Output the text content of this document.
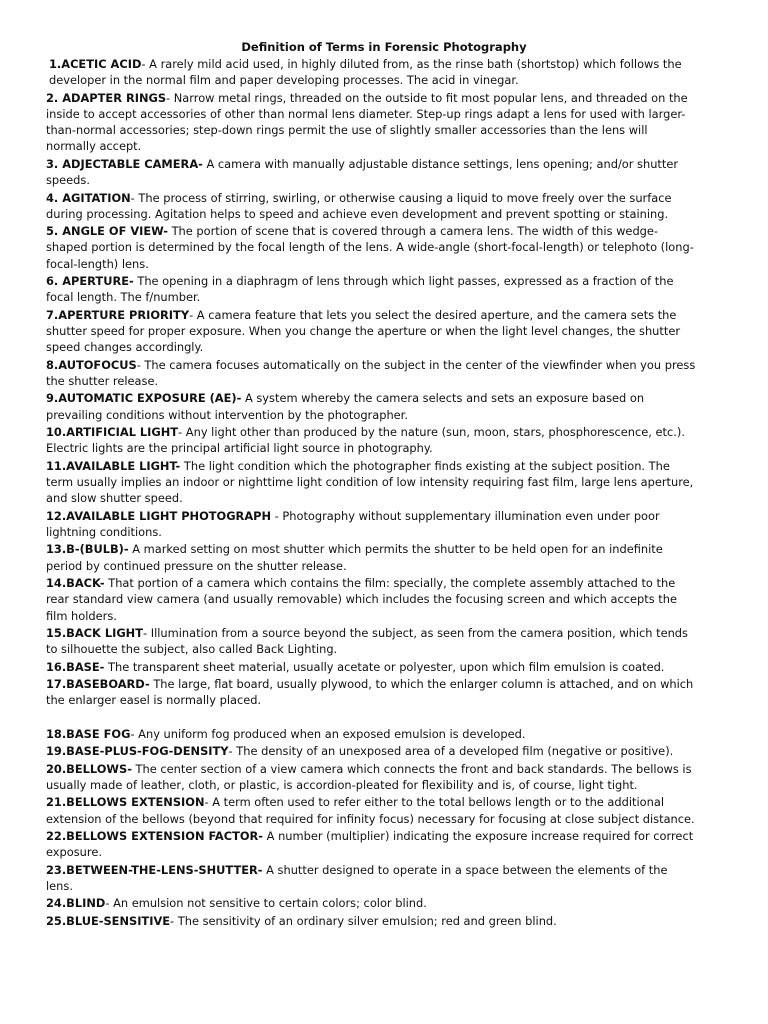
Definition of Terms in Forensic Photography

1.ACETIC ACID- A rarely mild acid used, in highly diluted from, as the rinse bath (shortstop) which follows the developer in the normal film and paper developing processes. The acid in vinegar.

2. ADAPTER RINGS- Narrow metal rings, threaded on the outside to fit most popular lens, and threaded on the inside to accept accessories of other than normal lens diameter. Step-up rings adapt a lens for used with larger-than-normal accessories; step-down rings permit the use of slightly smaller accessories than the lens will normally accept.

3. ADJECTABLE CAMERA- A camera with manually adjustable distance settings, lens opening; and/or shutter speeds.

4. AGITATION- The process of stirring, swirling, or otherwise causing a liquid to move freely over the surface during processing. Agitation helps to speed and achieve even development and prevent spotting or staining.

5. ANGLE OF VIEW- The portion of scene that is covered through a camera lens. The width of this wedge-shaped portion is determined by the focal length of the lens. A wide-angle (short-focal-length) or telephoto (long-focal-length) lens.

6. APERTURE- The opening in a diaphragm of lens through which light passes, expressed as a fraction of the focal length. The f/number.

7.APERTURE PRIORITY- A camera feature that lets you select the desired aperture, and the camera sets the shutter speed for proper exposure. When you change the aperture or when the light level changes, the shutter speed changes accordingly.

8.AUTOFOCUS- The camera focuses automatically on the subject in the center of the viewfinder when you press the shutter release.

9.AUTOMATIC EXPOSURE (AE)- A system whereby the camera selects and sets an exposure based on prevailing conditions without intervention by the photographer.

10.ARTIFICIAL LIGHT- Any light other than produced by the nature (sun, moon, stars, phosphorescence, etc.). Electric lights are the principal artificial light source in photography.

11.AVAILABLE LIGHT- The light condition which the photographer finds existing at the subject position. The term usually implies an indoor or nighttime light condition of low intensity requiring fast film, large lens aperture, and slow shutter speed.

12.AVAILABLE LIGHT PHOTOGRAPH - Photography without supplementary illumination even under poor lightning conditions.

13.B-(BULB)- A marked setting on most shutter which permits the shutter to be held open for an indefinite period by continued pressure on the shutter release.

14.BACK- That portion of a camera which contains the film: specially, the complete assembly attached to the rear standard view camera (and usually removable) which includes the focusing screen and which accepts the film holders.

15.BACK LIGHT- Illumination from a source beyond the subject, as seen from the camera position, which tends to silhouette the subject, also called Back Lighting.

16.BASE- The transparent sheet material, usually acetate or polyester, upon which film emulsion is coated.

17.BASEBOARD- The large, flat board, usually plywood, to which the enlarger column is attached, and on which the enlarger easel is normally placed.

18.BASE FOG- Any uniform fog produced when an exposed emulsion is developed.

19.BASE-PLUS-FOG-DENSITY- The density of an unexposed area of a developed film (negative or positive).

20.BELLOWS- The center section of a view camera which connects the front and back standards. The bellows is usually made of leather, cloth, or plastic, is accordion-pleated for flexibility and is, of course, light tight.

21.BELLOWS EXTENSION- A term often used to refer either to the total bellows length or to the additional extension of the bellows (beyond that required for infinity focus) necessary for focusing at close subject distance.

22.BELLOWS EXTENSION FACTOR- A number (multiplier) indicating the exposure increase required for correct exposure.

23.BETWEEN-THE-LENS-SHUTTER- A shutter designed to operate in a space between the elements of the lens.

24.BLIND- An emulsion not sensitive to certain colors; color blind.

25.BLUE-SENSITIVE- The sensitivity of an ordinary silver emulsion; red and green blind.
